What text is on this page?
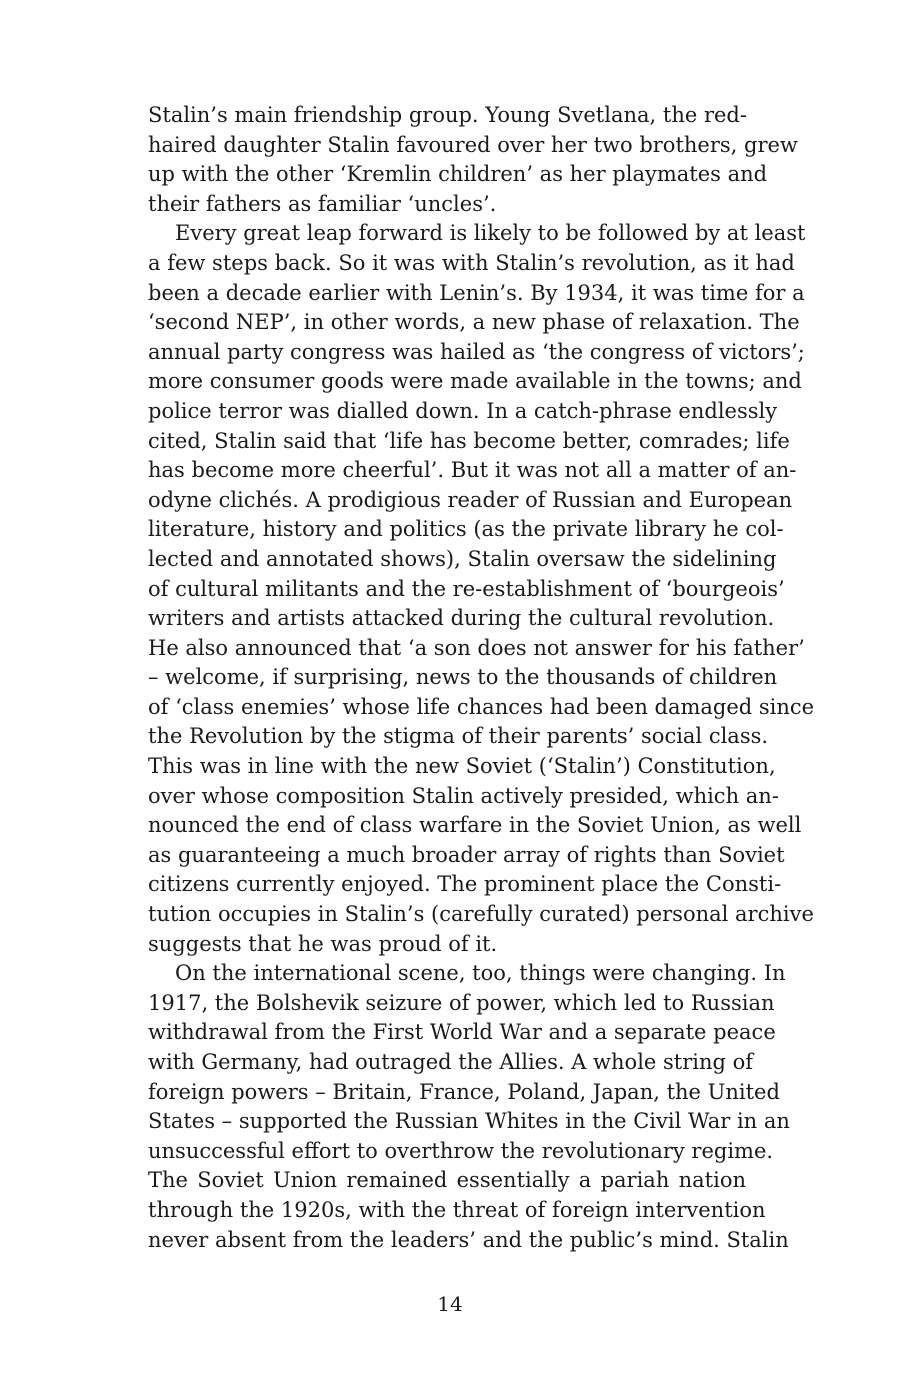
Stalin’s main friendship group. Young Svetlana, the red-
haired daughter Stalin favoured over her two brothers, grew
up with the other ‘Kremlin children’ as her playmates and
their fathers as familiar ‘uncles’.
Every great leap forward is likely to be followed by at least
a few steps back. So it was with Stalin’s revolution, as it had
been a decade earlier with Lenin’s. By 1934, it was time for a
‘second NEP’, in other words, a new phase of relaxation. The
annual party congress was hailed as ‘the congress of victors’;
more consumer goods were made available in the towns; and
police terror was dialled down. In a catch-phrase endlessly
cited, Stalin said that ‘life has become better, comrades; life
has become more cheerful’. But it was not all a matter of an-
odyne clichés. A prodigious reader of Russian and European
literature, history and politics (as the private library he col-
lected and annotated shows), Stalin oversaw the sidelining
of cultural militants and the re-establishment of ‘bourgeois’
writers and artists attacked during the cultural revolution.
He also announced that ‘a son does not answer for his father’
– welcome, if surprising, news to the thousands of children
of ‘class enemies’ whose life chances had been damaged since
the Revolution by the stigma of their parents’ social class.
This was in line with the new Soviet (‘Stalin’) Constitution,
over whose composition Stalin actively presided, which an-
nounced the end of class warfare in the Soviet Union, as well
as guaranteeing a much broader array of rights than Soviet
citizens currently enjoyed. The prominent place the Consti-
tution occupies in Stalin’s (carefully curated) personal archive
suggests that he was proud of it.
On the international scene, too, things were changing. In
1917, the Bolshevik seizure of power, which led to Russian
withdrawal from the First World War and a separate peace
with Germany, had outraged the Allies. A whole string of
foreign powers – Britain, France, Poland, Japan, the United
States – supported the Russian Whites in the Civil War in an
unsuccessful effort to overthrow the revolutionary regime.
The Soviet Union remained essentially a pariah nation
through the 1920s, with the threat of foreign intervention
never absent from the leaders’ and the public’s mind. Stalin
14
